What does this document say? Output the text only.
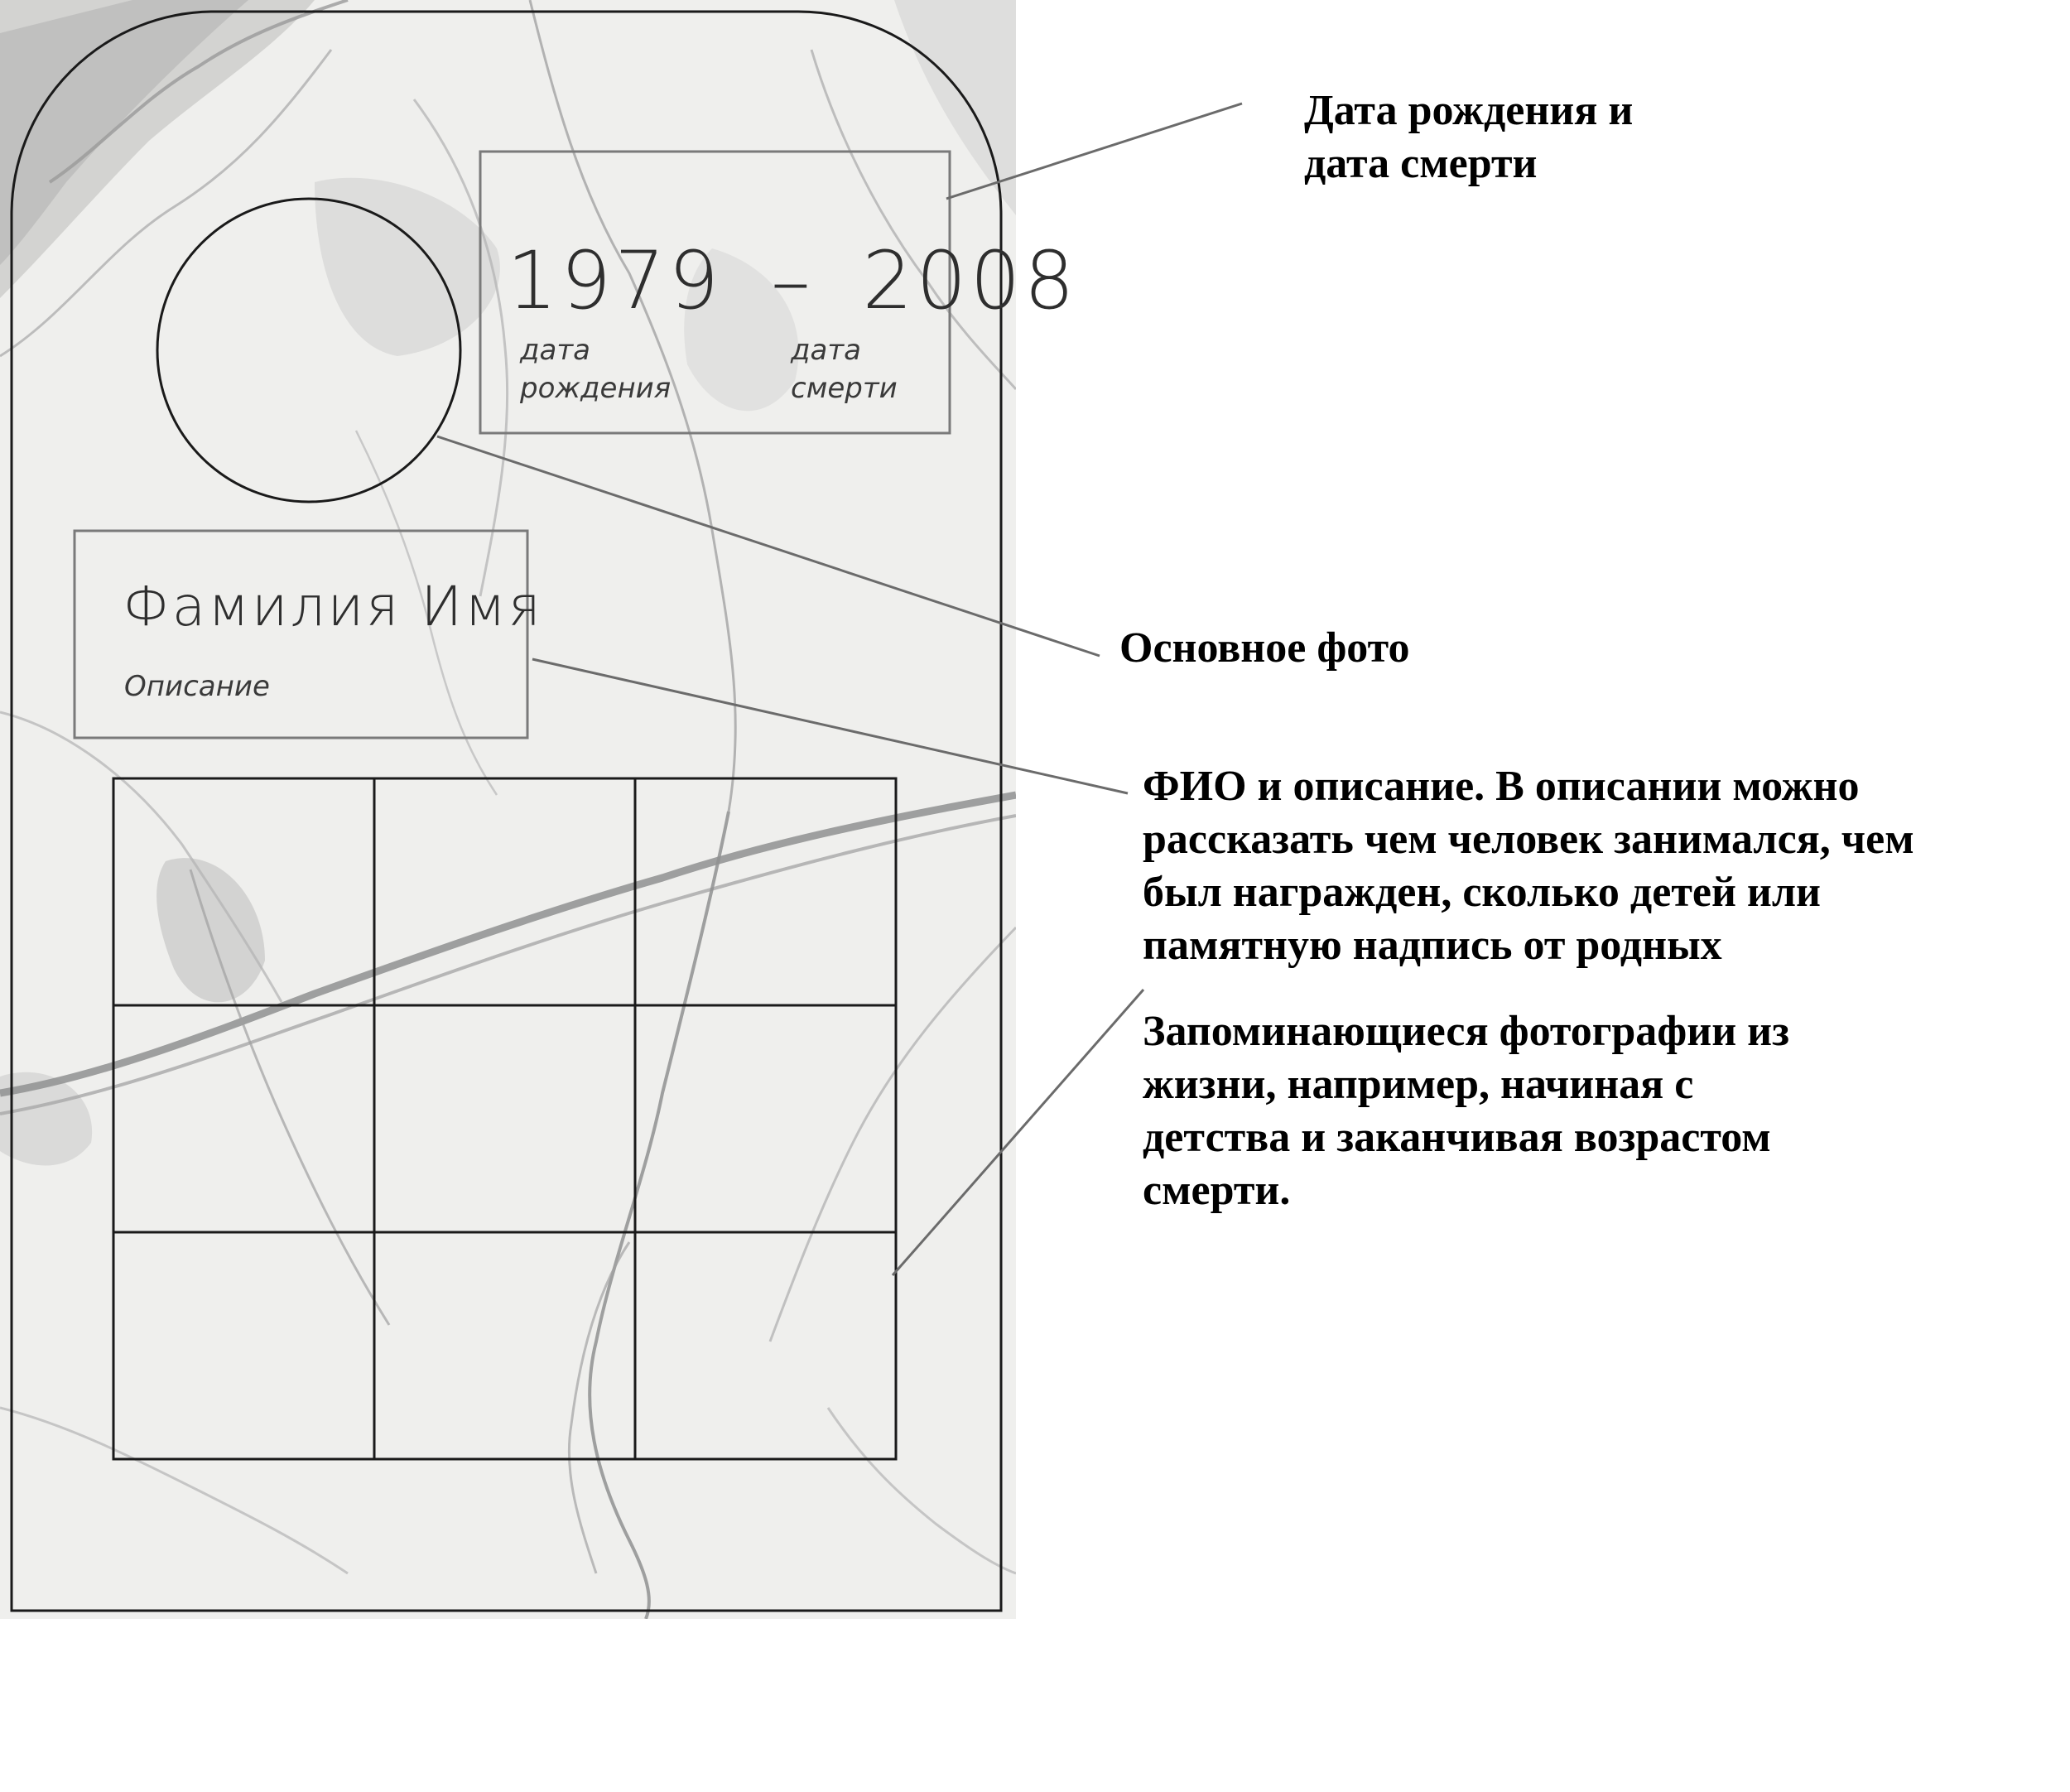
1979 – 2008
дата рождения
дата смерти
Фамилия Имя
Описание
Дата рождения и
дата смерти
Основное фото
ФИО и описание. В описании можно
рассказать чем человек занимался, чем
был награжден, сколько детей или
памятную надпись от родных
Запоминающиеся фотографии из
жизни, например, начиная с
детства и заканчивая возрастом
смерти.
